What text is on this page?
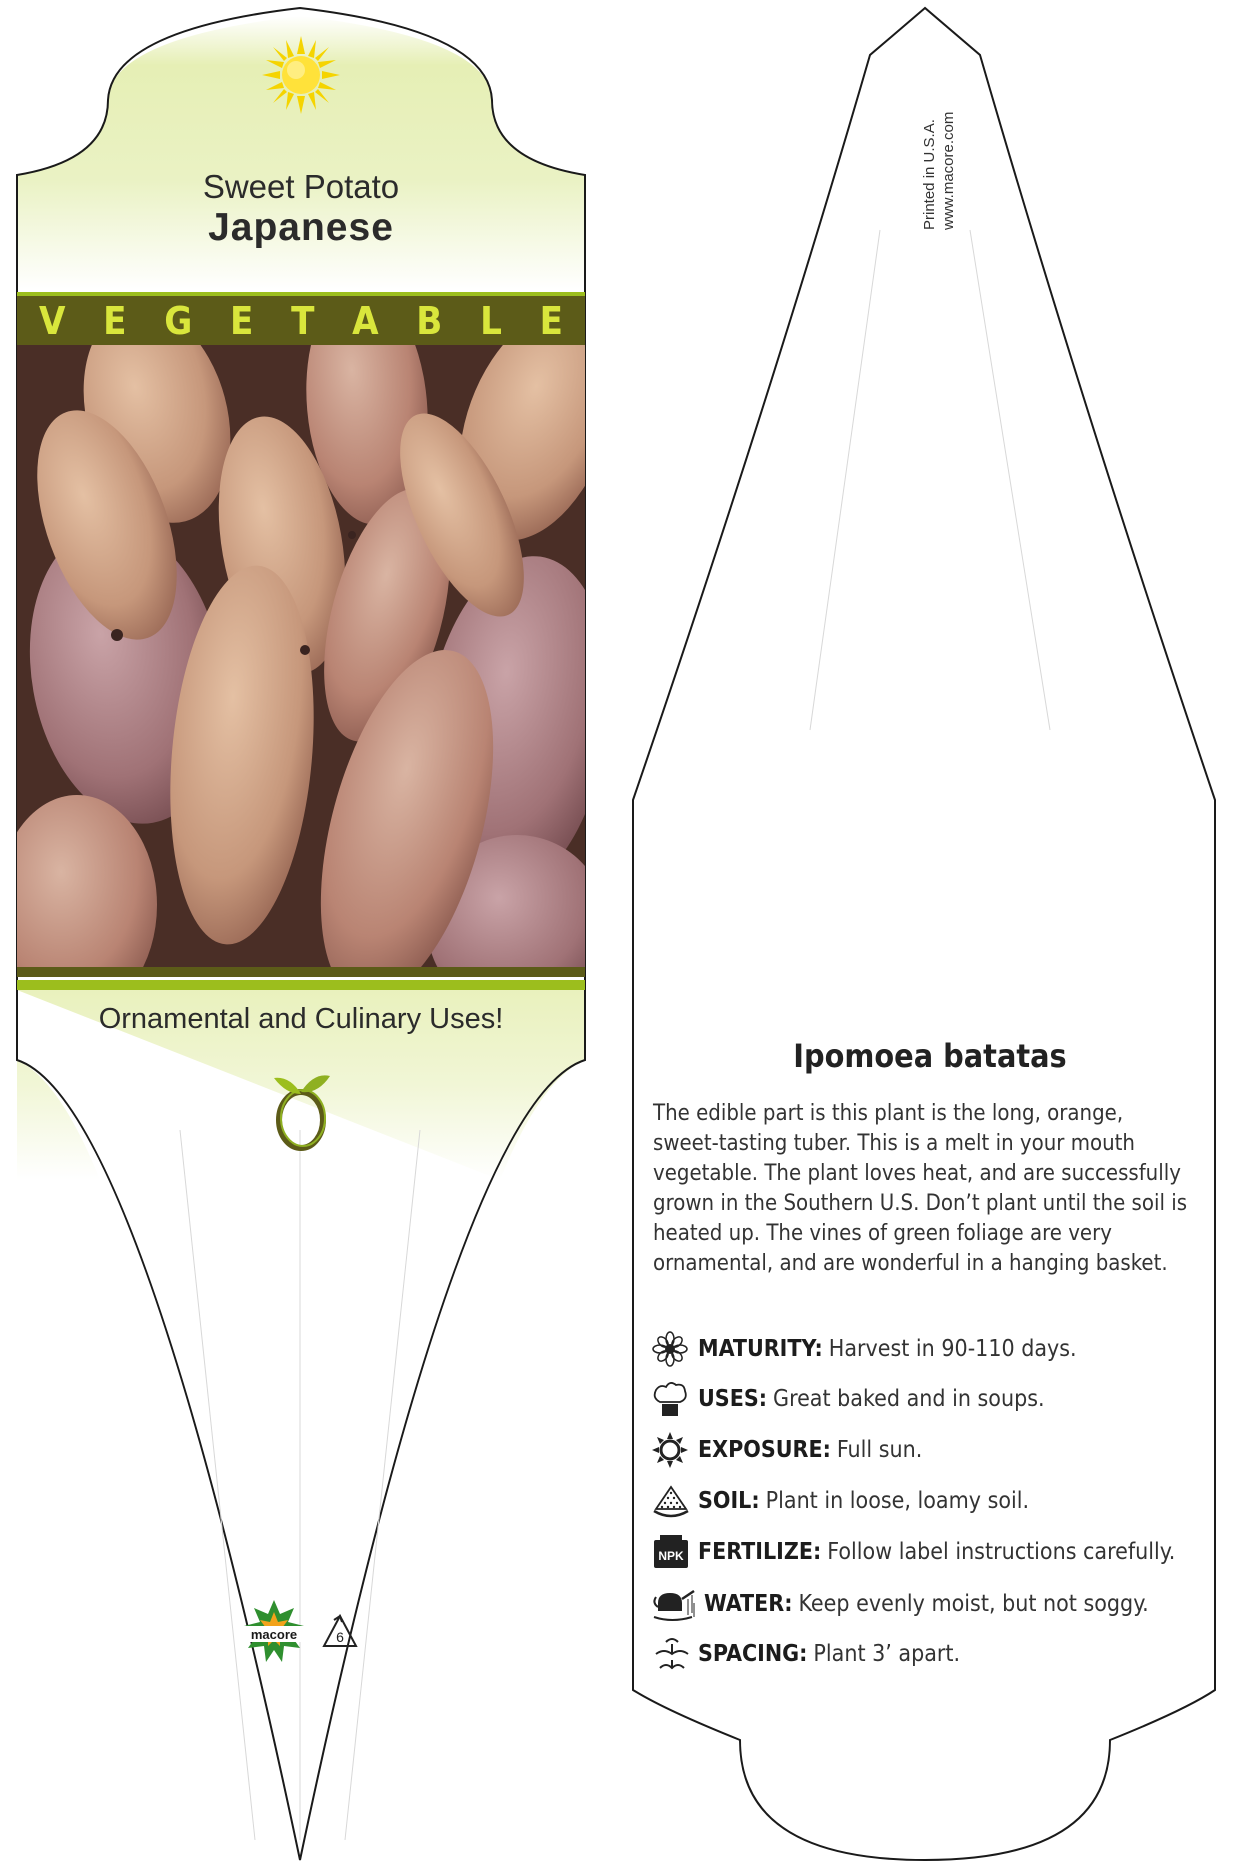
Sweet Potato
Japanese
V E G E T A B L E
Ornamental and Culinary Uses!
macore	6
Printed in U.S.A. www.macore.com
Ipomoea batatas
The edible part is this plant is the long, orange, sweet-tasting tuber. This is a melt in your mouth vegetable. The plant loves heat, and are successfully grown in the Southern U.S. Don’t plant until the soil is heated up. The vines of green foliage are very ornamental, and are wonderful in a hanging basket.
MATURITY: Harvest in 90-110 days.
USES: Great baked and in soups.
EXPOSURE: Full sun.
SOIL: Plant in loose, loamy soil.
NPK FERTILIZE: Follow label instructions carefully.
WATER: Keep evenly moist, but not soggy.
SPACING: Plant 3’ apart.
